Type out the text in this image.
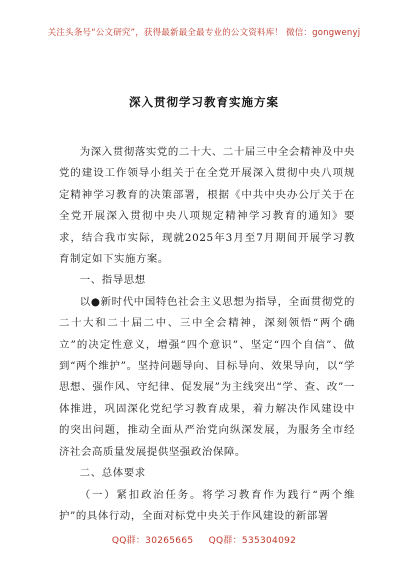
关注头条号“公文研究”，获得最新最全最专业的公文资料库！ 微信：gongwenyj
深入贯彻学习教育实施方案

为深入贯彻落实党的二十大、二十届三中全会精神及中央党的建设工作领导小组关于在全党开展深入贯彻中央八项规定精神学习教育的决策部署，根据《中共中央办公厅关于在全党开展深入贯彻中央八项规定精神学习教育的通知》要求，结合我市实际，现就2025年3月至7月期间开展学习教育制定如下实施方案。

一、指导思想

以●新时代中国特色社会主义思想为指导，全面贯彻党的二十大和二十届二中、三中全会精神，深刻领悟“两个确立”的决定性意义，增强“四个意识”、坚定“四个自信”、做到“两个维护”。坚持问题导向、目标导向、效果导向，以“学思想、强作风、守纪律、促发展”为主线突出“学、查、改”一体推进，巩固深化党纪学习教育成果，着力解决作风建设中的突出问题，推动全面从严治党向纵深发展，为服务全市经济社会高质量发展提供坚强政治保障。

二、总体要求

（一）紧扣政治任务。将学习教育作为践行“两个维护”的具体行动，全面对标党中央关于作风建设的新部署

QQ群：30265665 QQ群：535304092
